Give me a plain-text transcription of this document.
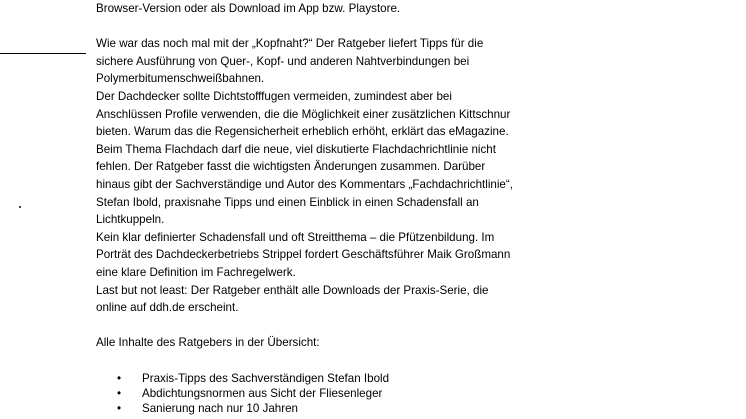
Browser-Version oder als Download im App bzw. Playstore.
Wie war das noch mal mit der „Kopfnaht?“ Der Ratgeber liefert Tipps für die
sichere Ausführung von Quer-, Kopf- und anderen Nahtverbindungen bei
Polymerbitumenschweißbahnen.
Der Dachdecker sollte Dichtstofffugen vermeiden, zumindest aber bei
Anschlüssen Profile verwenden, die die Möglichkeit einer zusätzlichen Kittschnur
bieten. Warum das die Regensicherheit erheblich erhöht, erklärt das eMagazine.
Beim Thema Flachdach darf die neue, viel diskutierte Flachdachrichtlinie nicht
fehlen. Der Ratgeber fasst die wichtigsten Änderungen zusammen. Darüber
hinaus gibt der Sachverständige und Autor des Kommentars „Fachdachrichtlinie“,
Stefan Ibold, praxisnahe Tipps und einen Einblick in einen Schadensfall an
Lichtkuppeln.
Kein klar definierter Schadensfall und oft Streitthema – die Pfützenbildung. Im
Porträt des Dachdeckerbetriebs Strippel fordert Geschäftsführer Maik Großmann
eine klare Definition im Fachregelwerk.
Last but not least: Der Ratgeber enthält alle Downloads der Praxis-Serie, die
online auf ddh.de erscheint.
Alle Inhalte des Ratgebers in der Übersicht:
• Praxis-Tipps des Sachverständigen Stefan Ibold
• Abdichtungsnormen aus Sicht der Fliesenleger
• Sanierung nach nur 10 Jahren
